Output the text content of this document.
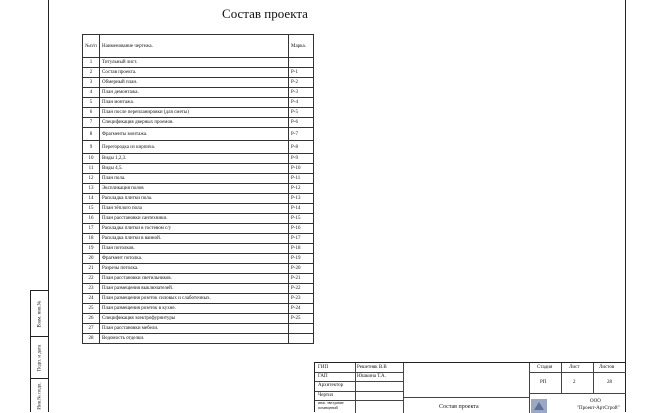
Взам. инв.№
Подп. и дата
Инв.№ подл.
Состав проекта
№п/п	Наименование чертежа.	Марка.
1	Титульный лист.	
2	Состав проекта.	Р-1
3	Обмерный план.	Р-2
4	План демонтажа.	Р-3
5	План монтажа.	Р-4
6	План после перепланировки (для сметы)	Р-5
7	Спецификация дверных проемов.	Р-6
8	Фрагменты монтажа.	Р-7
9	Перегородка из кирпича.	Р-8
10	Виды 1,2,3.	Р-9
11	Виды 4,5.	Р-10
12	План пола.	Р-11
13	Экспликация полов	Р-12
14	Раскладка плитки пола.	Р-13
15	План тёплого пола	Р-14
16	План расстановки сантехники.	Р-15
17	Раскладка плитки в гостевом с/у	Р-16
18	Раскладка плитки в ванной.	Р-17
19	План потолков.	Р-18
20	Фрагмент потолка.	Р-19
21	Разрезы потолка.	Р-20
22	План расстановки светильников.	Р-21
23	План размещения выключателей.	Р-22
24	План размещения розеток силовых и слаботочных.	Р-23
25	План размещения розеток в кухне.	Р-24
26	Спецификация электрофурнитуры	Р-25
27	План расстановки мебели.	
28	Ведомость отделки.	
ГИП	Решетняк В.В
ГАП	Юшкина Т.А.
Архитектор
Чертил
инж. звездание
помещений
Стадия	Лист	Листов
РП	2	28
Состав проекта
ООО
"Проект-АртСтрой"
